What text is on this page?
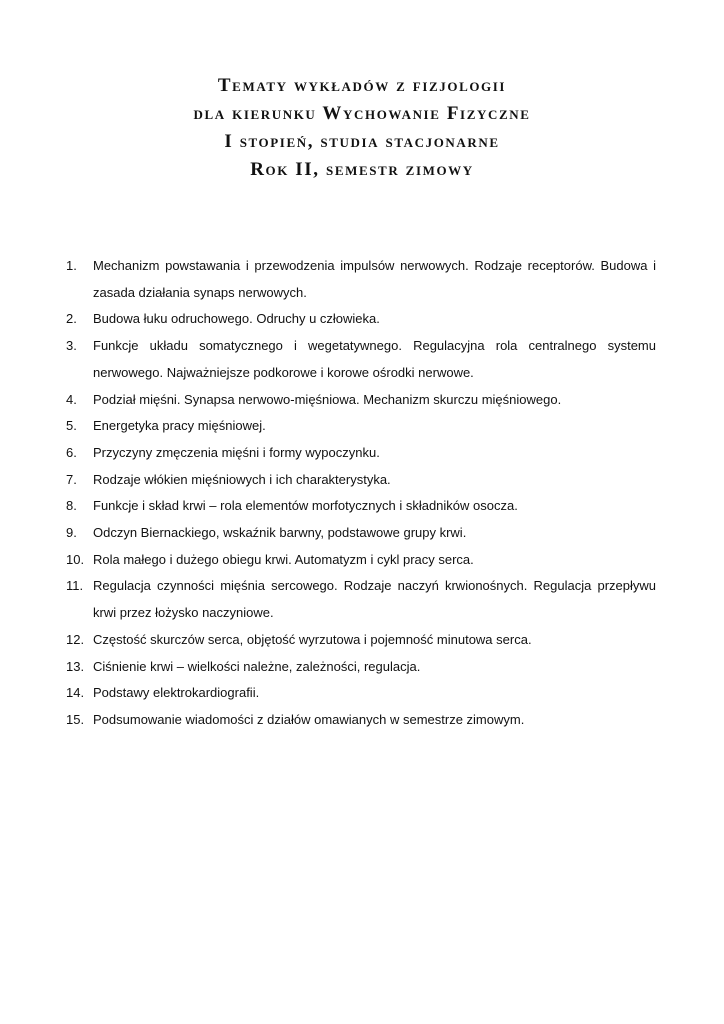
Tematy wykładów z fizjologii
dla kierunku Wychowanie Fizyczne
I stopień, studia stacjonarne
Rok II, semestr zimowy
1.	Mechanizm powstawania i przewodzenia impulsów nerwowych. Rodzaje receptorów. Budowa i zasada działania synaps nerwowych.
2.	Budowa łuku odruchowego. Odruchy u człowieka.
3.	Funkcje układu somatycznego i wegetatywnego. Regulacyjna rola centralnego systemu nerwowego. Najważniejsze podkorowe i korowe ośrodki nerwowe.
4.	Podział mięśni. Synapsa nerwowo-mięśniowa. Mechanizm skurczu mięśniowego.
5.	Energetyka pracy mięśniowej.
6.	Przyczyny zmęczenia mięśni i formy wypoczynku.
7.	Rodzaje włókien mięśniowych i ich charakterystyka.
8.	Funkcje i skład krwi – rola elementów morfotycznych i składników osocza.
9.	Odczyn Biernackiego, wskaźnik barwny, podstawowe grupy krwi.
10. Rola małego i dużego obiegu krwi. Automatyzm i cykl pracy serca.
11. Regulacja czynności mięśnia sercowego. Rodzaje naczyń krwionośnych. Regulacja przepływu krwi przez łożysko naczyniowe.
12. Częstość skurczów serca, objętość wyrzutowa i pojemność minutowa serca.
13. Ciśnienie krwi – wielkości należne, zależności, regulacja.
14. Podstawy elektrokardiografii.
15. Podsumowanie wiadomości z działów omawianych w semestrze zimowym.
